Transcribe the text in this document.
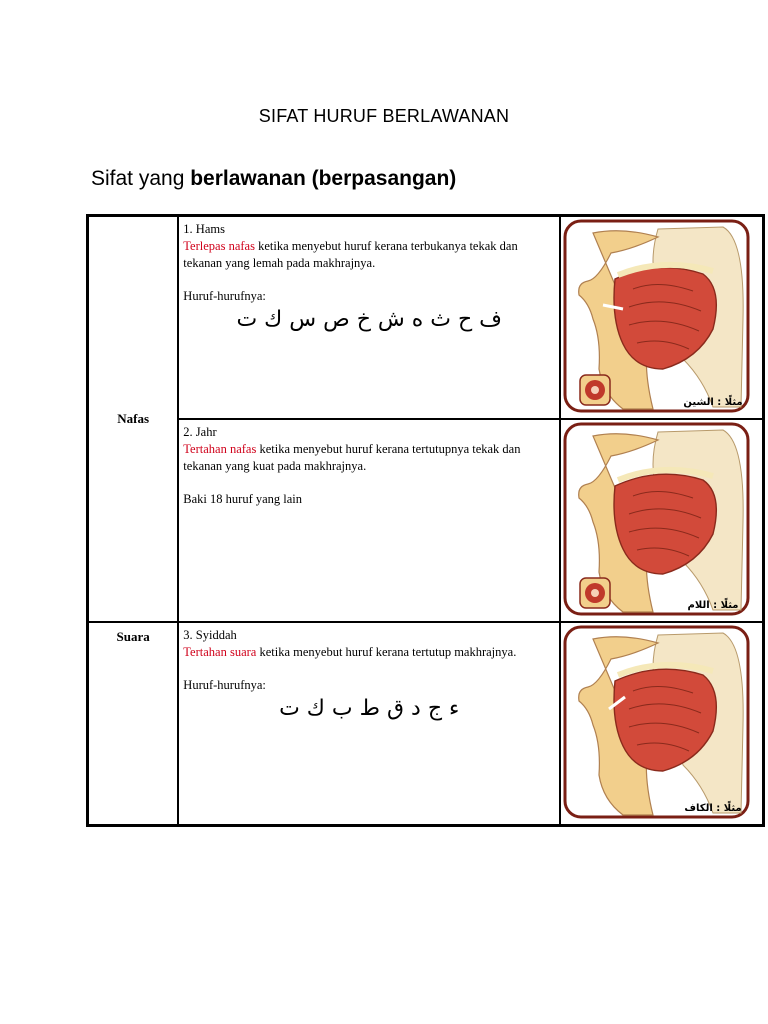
SIFAT HURUF BERLAWANAN
Sifat yang berlawanan (berpasangan)
Nafas	1. Hams

Terlepas nafas ketika menyebut huruf kerana terbukanya tekak dan tekanan yang lemah pada makhrajnya.

Huruf-hurufnya:

ف ح ث ه ش خ ص س ك ت	مثلًا : الشين

	2. Jahr

Tertahan nafas ketika menyebut huruf kerana tertutupnya tekak dan tekanan yang kuat pada makhrajnya.

Baki 18 huruf yang lain	مثلًا : اللام

Suara	3. Syiddah

Tertahan suara ketika menyebut huruf kerana tertutup makhrajnya.

Huruf-hurufnya:

ء ج د ق ط ب ك ت	مثلًا : الكاف
